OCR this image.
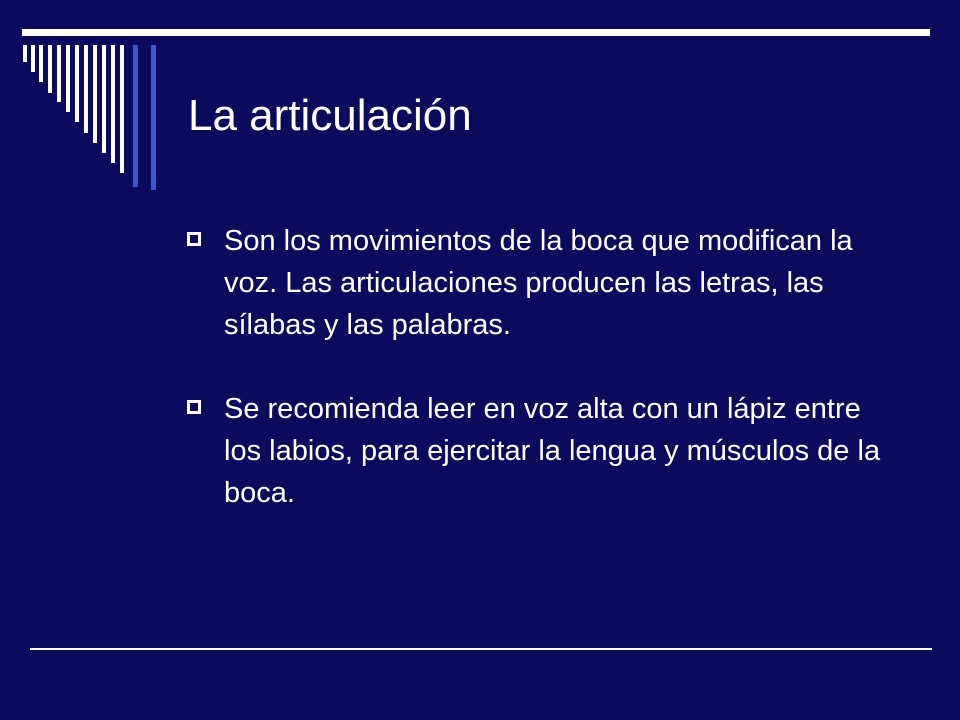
La articulación
Son los movimientos de la boca que modifican la voz. Las articulaciones producen las letras, las sílabas y las palabras.
Se recomienda leer en voz alta con un lápiz entre los labios, para ejercitar la lengua y músculos de la boca.
